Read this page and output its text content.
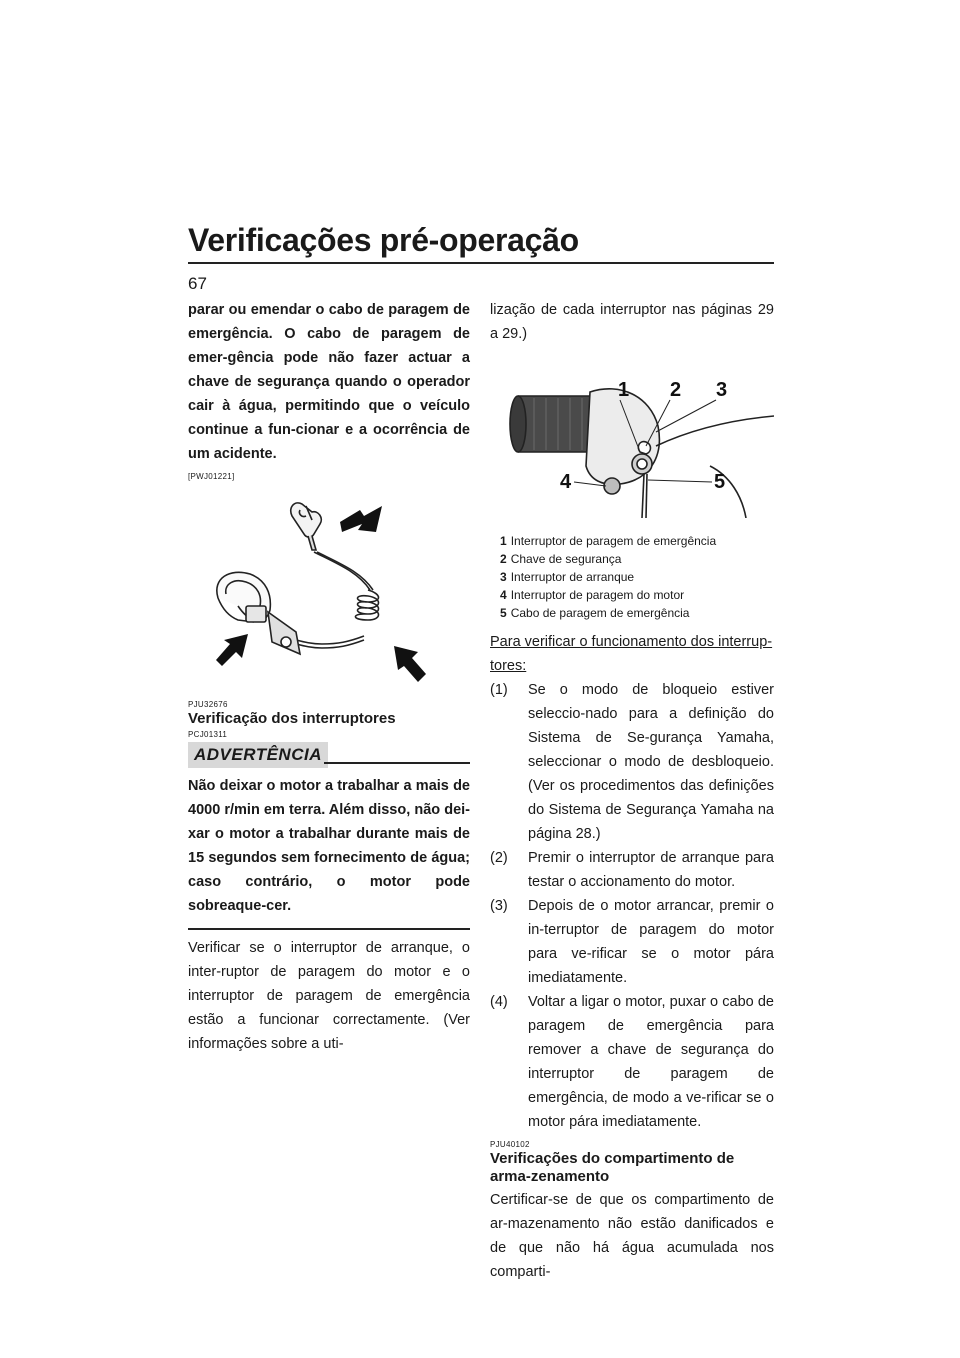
Verificações pré-operação
67

parar ou emendar o cabo de paragem de emergência. O cabo de paragem de emer-gência pode não fazer actuar a chave de segurança quando o operador cair à água, permitindo que o veículo continue a fun-cionar e a ocorrência de um acidente.

[PWJ01221]

PJU32676

Verificação dos interruptores

PCJ01311

ADVERTÊNCIA

Não deixar o motor a trabalhar a mais de 4000 r/min em terra. Além disso, não dei-xar o motor a trabalhar durante mais de 15 segundos sem fornecimento de água; caso contrário, o motor pode sobreaque-cer.

Verificar se o interruptor de arranque, o inter-ruptor de paragem do motor e o interruptor de paragem de emergência estão a funcionar correctamente. (Ver informações sobre a uti-

lização de cada interruptor nas páginas 29 a 29.)

1 2 3
4	5
1 Interruptor de paragem de emergência
2 Chave de segurança
3 Interruptor de arranque
4 Interruptor de paragem do motor
5 Cabo de paragem de emergência

Para verificar o funcionamento dos interrup-tores:

(1)	Se o modo de bloqueio estiver seleccio-nado para a definição do Sistema de Se-gurança Yamaha, seleccionar o modo de desbloqueio. (Ver os procedimentos das definições do Sistema de Segurança Yamaha na página 28.)
(2)	Premir o interruptor de arranque para testar o accionamento do motor.
(3)	Depois de o motor arrancar, premir o in-terruptor de paragem do motor para ve-rificar se o motor pára imediatamente.
(4)	Voltar a ligar o motor, puxar o cabo de paragem de emergência para remover a chave de segurança do interruptor de paragem de emergência, de modo a ve-rificar se o motor pára imediatamente.

PJU40102

Verificações do compartimento de arma-zenamento

Certificar-se de que os compartimento de ar-mazenamento não estão danificados e de que não há água acumulada nos comparti-
